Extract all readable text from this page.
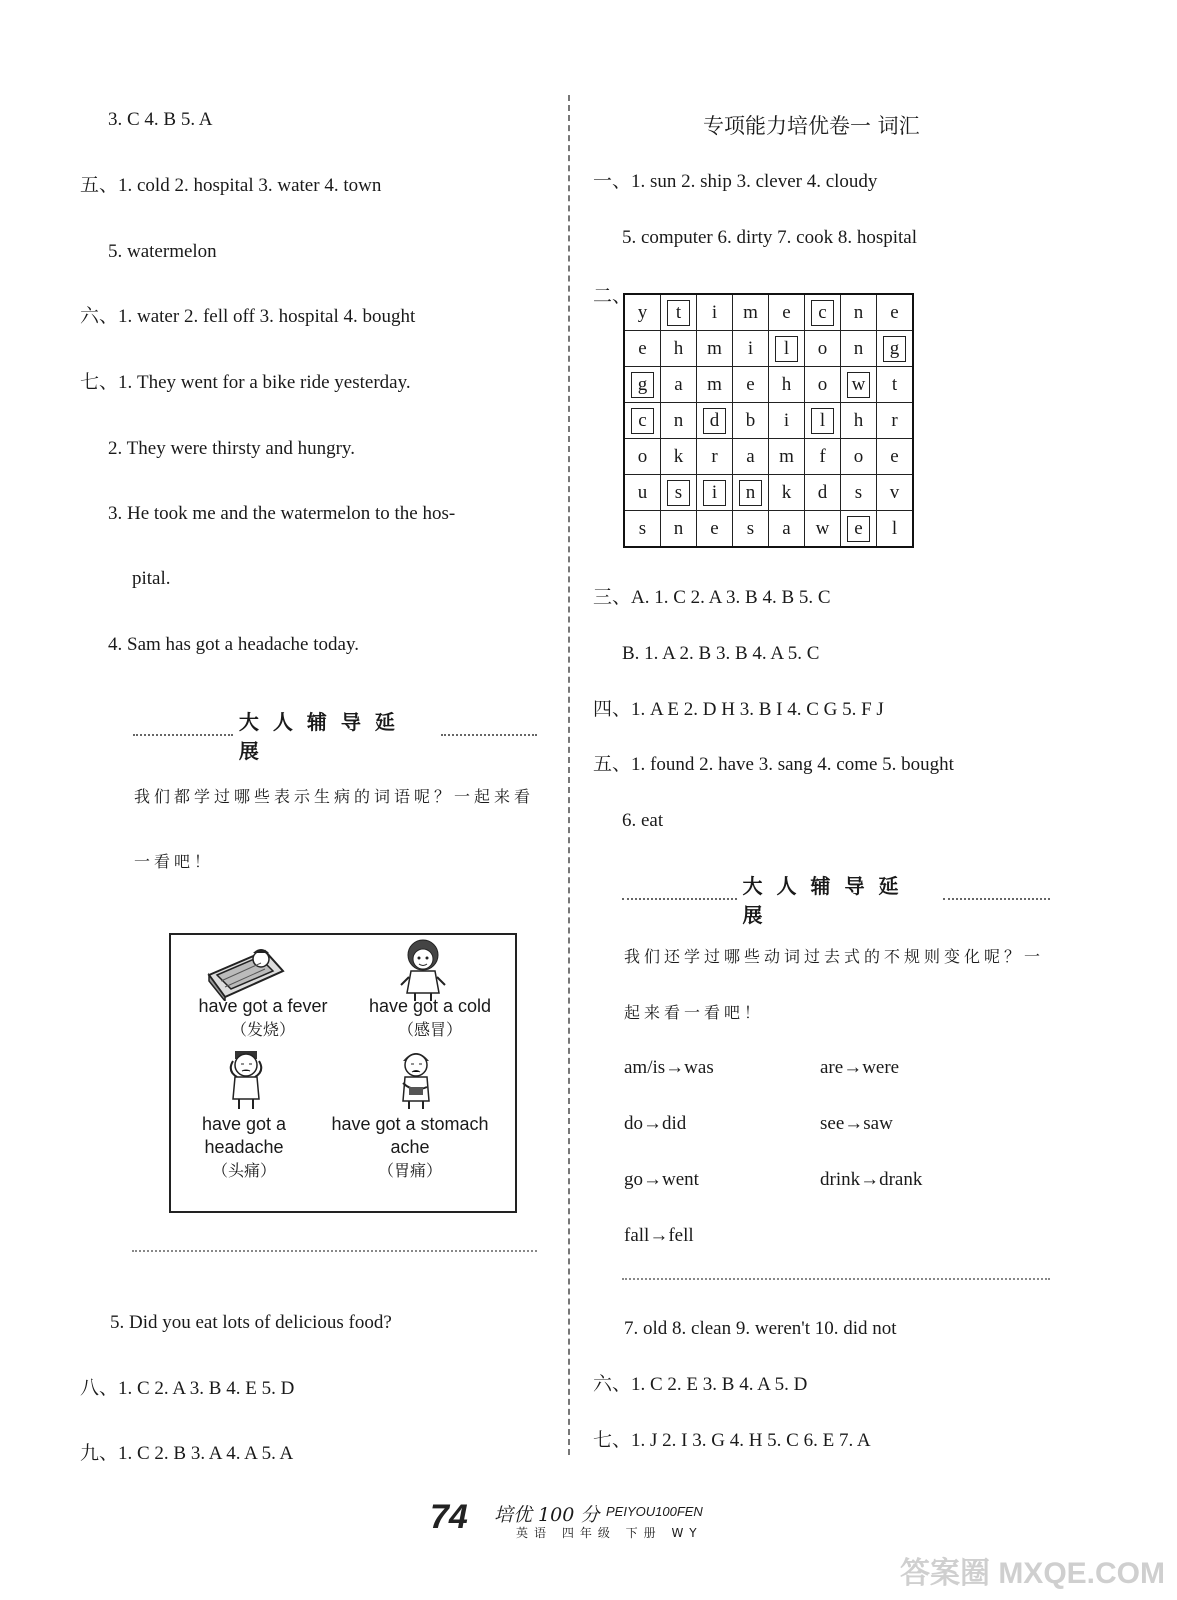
3. C 4. B 5. A
五、1. cold 2. hospital 3. water 4. town
5. watermelon
六、1. water 2. fell off 3. hospital 4. bought
七、1. They went for a bike ride yesterday.
2. They were thirsty and hungry.
3. He took me and the watermelon to the hos-
pital.
4. Sam has got a headache today.
大人辅导延展
我们都学过哪些表示生病的词语呢？一起来看
一看吧！
have got a fever
（发烧）
have got a cold
（感冒）
have got a
headache
（头痛）
have got a stomach
ache
（胃痛）
5. Did you eat lots of delicious food?
八、1. C 2. A 3. B 4. E 5. D
九、1. C 2. B 3. A 4. A 5. A
专项能力培优卷一 词汇
一、1. sun 2. ship 3. clever 4. cloudy
5. computer 6. dirty 7. cook 8. hospital
二、
y	t	i	m	e	c	n	e
e	h	m	i	l	o	n	g
g	a	m	e	h	o	w	t
c	n	d	b	i	l	h	r
o	k	r	a	m	f	o	e
u	s	i	n	k	d	s	v
s	n	e	s	a	w	e	l
三、A. 1. C 2. A 3. B 4. B 5. C
B. 1. A 2. B 3. B 4. A 5. C
四、1. A E 2. D H 3. B I 4. C G 5. F J
五、1. found 2. have 3. sang 4. come 5. bought
6. eat
大人辅导延展
我们还学过哪些动词过去式的不规则变化呢？一
起来看一看吧！
am/is→was	are→were
do→did	see→saw
go→went	drink→drank
fall→fell
7. old 8. clean 9. weren't 10. did not
六、1. C 2. E 3. B 4. A 5. D
七、1. J 2. I 3. G 4. H 5. C 6. E 7. A
74 培优 100 分 PEIYOU100FEN
英语 四年级 下册 WY
答案圈 MXQE.COM
